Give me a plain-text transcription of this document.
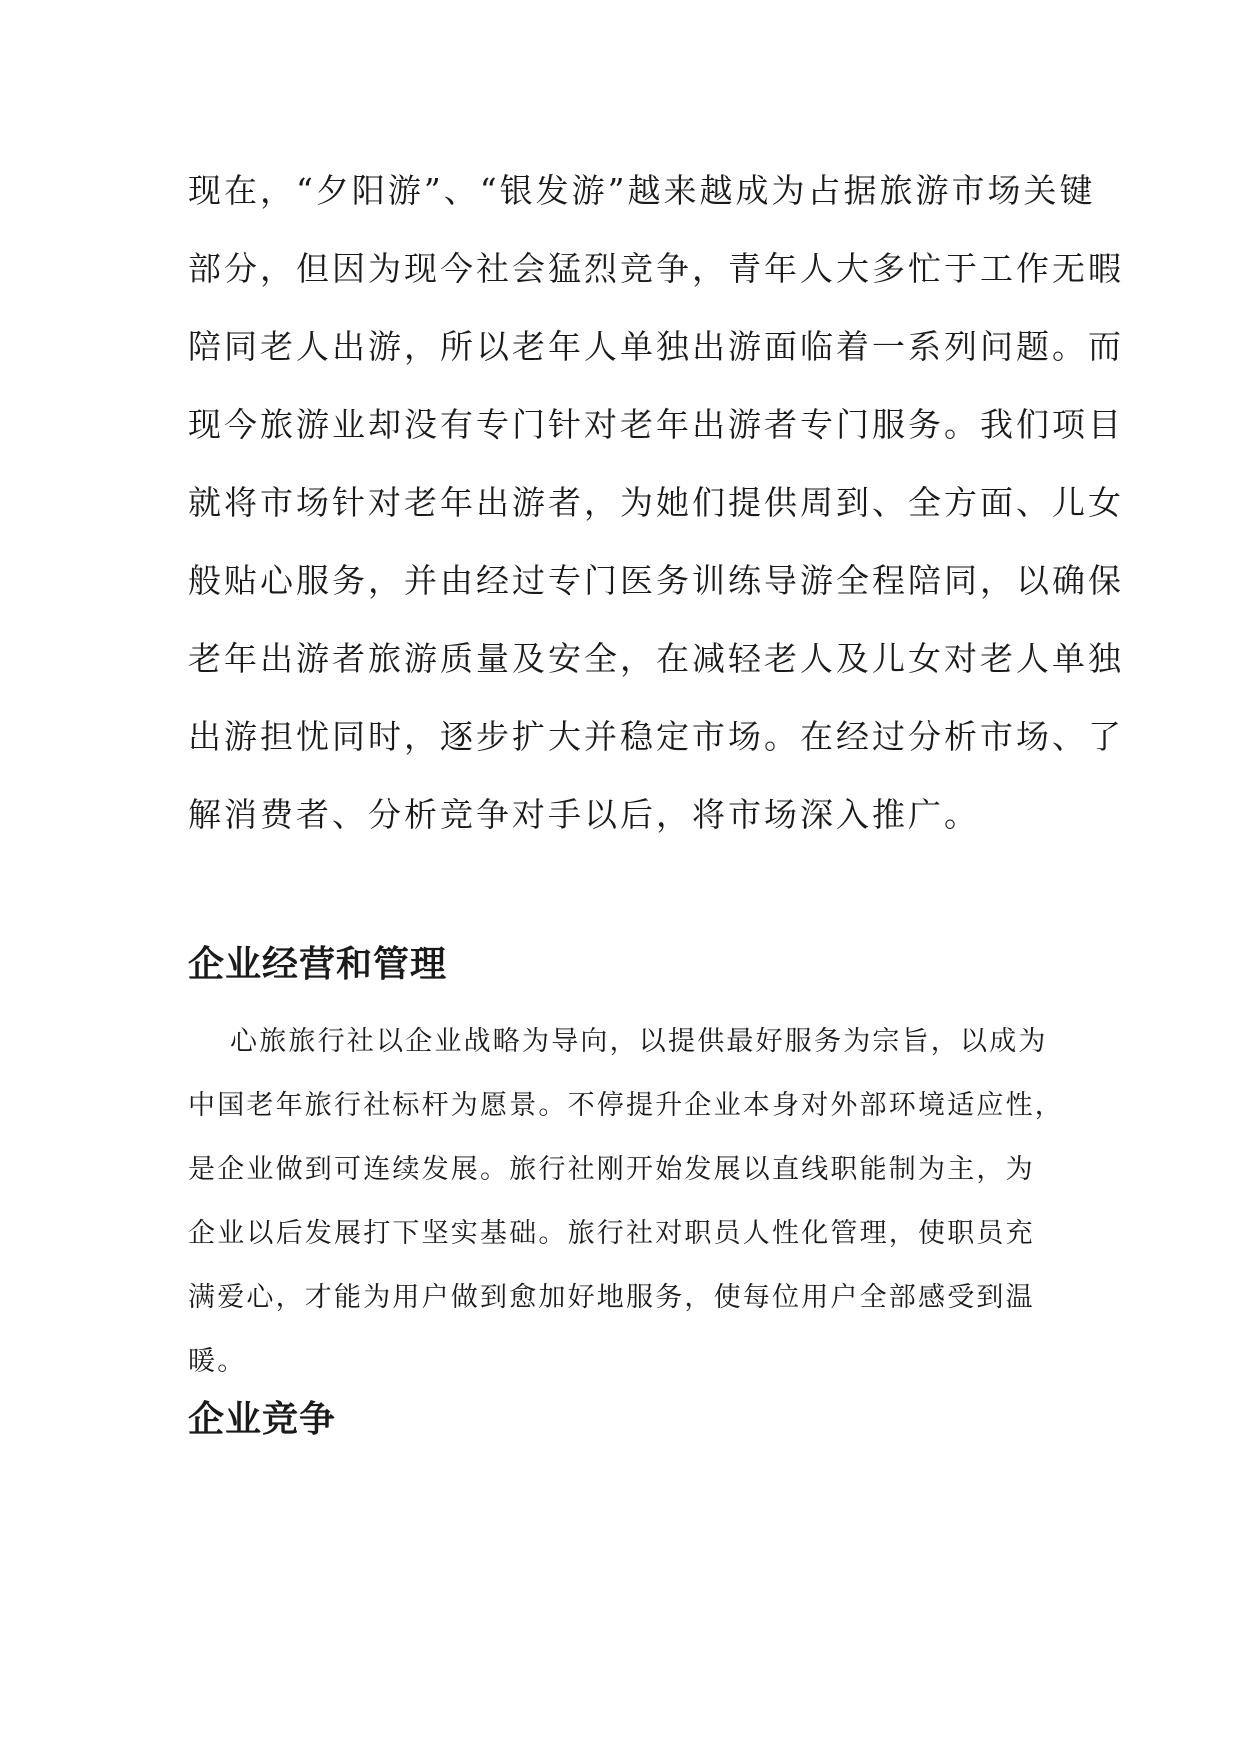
现在，“夕阳游”、“银发游”越来越成为占据旅游市场关键
部分，但因为现今社会猛烈竞争，青年人大多忙于工作无暇
陪同老人出游，所以老年人单独出游面临着一系列问题。而
现今旅游业却没有专门针对老年出游者专门服务。我们项目
就将市场针对老年出游者，为她们提供周到、全方面、儿女
般贴心服务，并由经过专门医务训练导游全程陪同，以确保
老年出游者旅游质量及安全，在减轻老人及儿女对老人单独
出游担忧同时，逐步扩大并稳定市场。在经过分析市场、了
解消费者、分析竞争对手以后，将市场深入推广。
企业经营和管理
心旅旅行社以企业战略为导向，以提供最好服务为宗旨，以成为
中国老年旅行社标杆为愿景。不停提升企业本身对外部环境适应性，
是企业做到可连续发展。旅行社刚开始发展以直线职能制为主，为
企业以后发展打下坚实基础。旅行社对职员人性化管理，使职员充
满爱心，才能为用户做到愈加好地服务，使每位用户全部感受到温
暖。
企业竞争
